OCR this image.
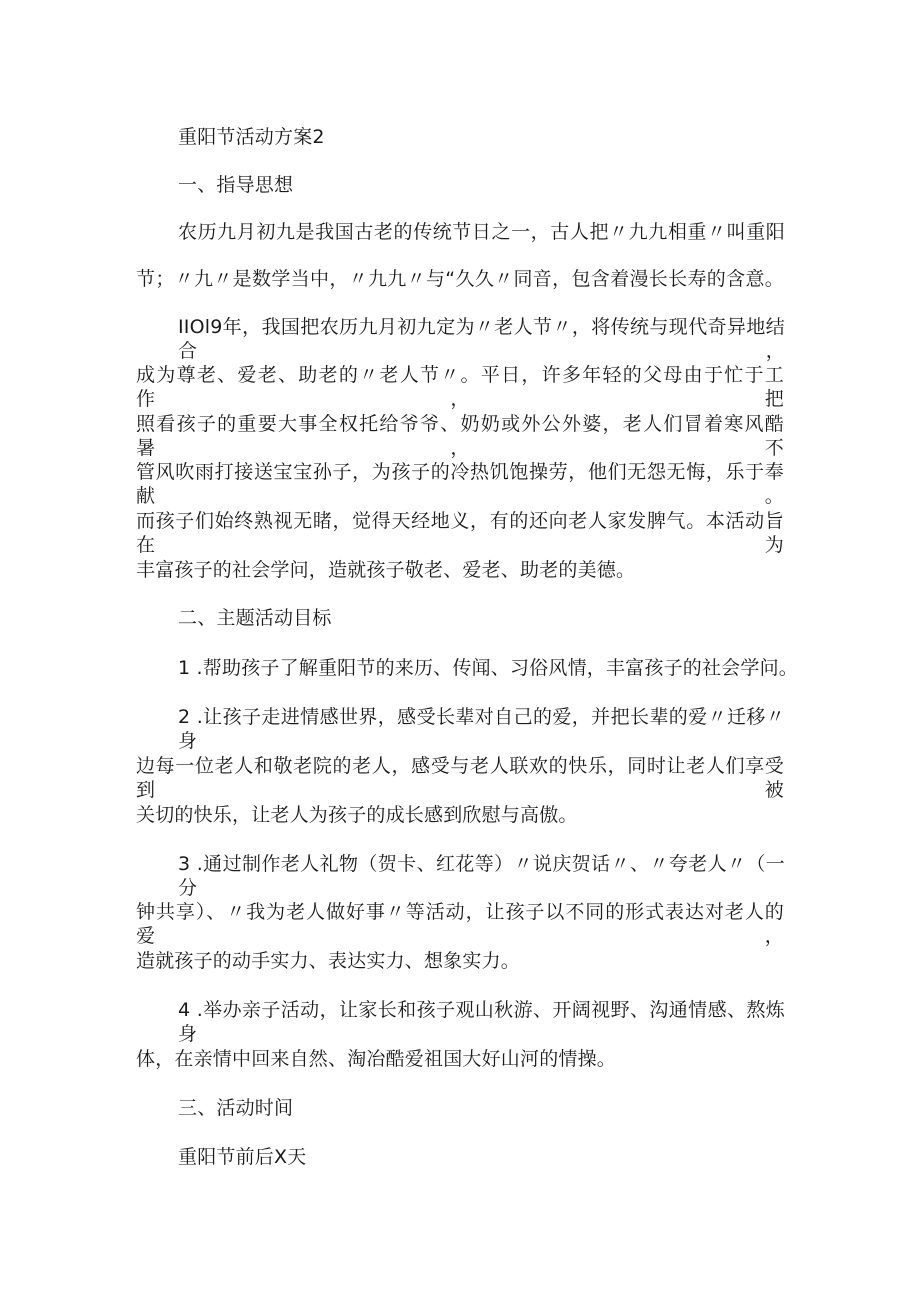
重阳节活动方案2
一、指导思想
农历九月初九是我国古老的传统节日之一，古人把〃九九相重〃叫重阳
节；〃九〃是数学当中，〃九九〃与“久久〃同音，包含着漫长长寿的含意。
IIOl9年，我国把农历九月初九定为〃老人节〃，将传统与现代奇异地结合，
成为尊老、爱老、助老的〃老人节〃。平日，许多年轻的父母由于忙于工作，把
照看孩子的重要大事全权托给爷爷、奶奶或外公外婆，老人们冒着寒风酷暑，不
管风吹雨打接送宝宝孙子，为孩子的冷热饥饱操劳，他们无怨无悔，乐于奉献。
而孩子们始终熟视无睹，觉得天经地义，有的还向老人家发脾气。本活动旨在为
丰富孩子的社会学问，造就孩子敬老、爱老、助老的美德。
二、主题活动目标
1 .帮助孩子了解重阳节的来历、传闻、习俗风情，丰富孩子的社会学问。
2 .让孩子走进情感世界，感受长辈对自己的爱，并把长辈的爱〃迁移〃身
边每一位老人和敬老院的老人，感受与老人联欢的快乐，同时让老人们享受到被
关切的快乐，让老人为孩子的成长感到欣慰与高傲。
3 .通过制作老人礼物（贺卡、红花等）〃说庆贺话〃、〃夸老人〃（一分
钟共享）、〃我为老人做好事〃等活动，让孩子以不同的形式表达对老人的爱，
造就孩子的动手实力、表达实力、想象实力。
4 .举办亲子活动，让家长和孩子观山秋游、开阔视野、沟通情感、熬炼身
体，在亲情中回来自然、淘冶酷爱祖国大好山河的情操。
三、活动时间
重阳节前后X天
